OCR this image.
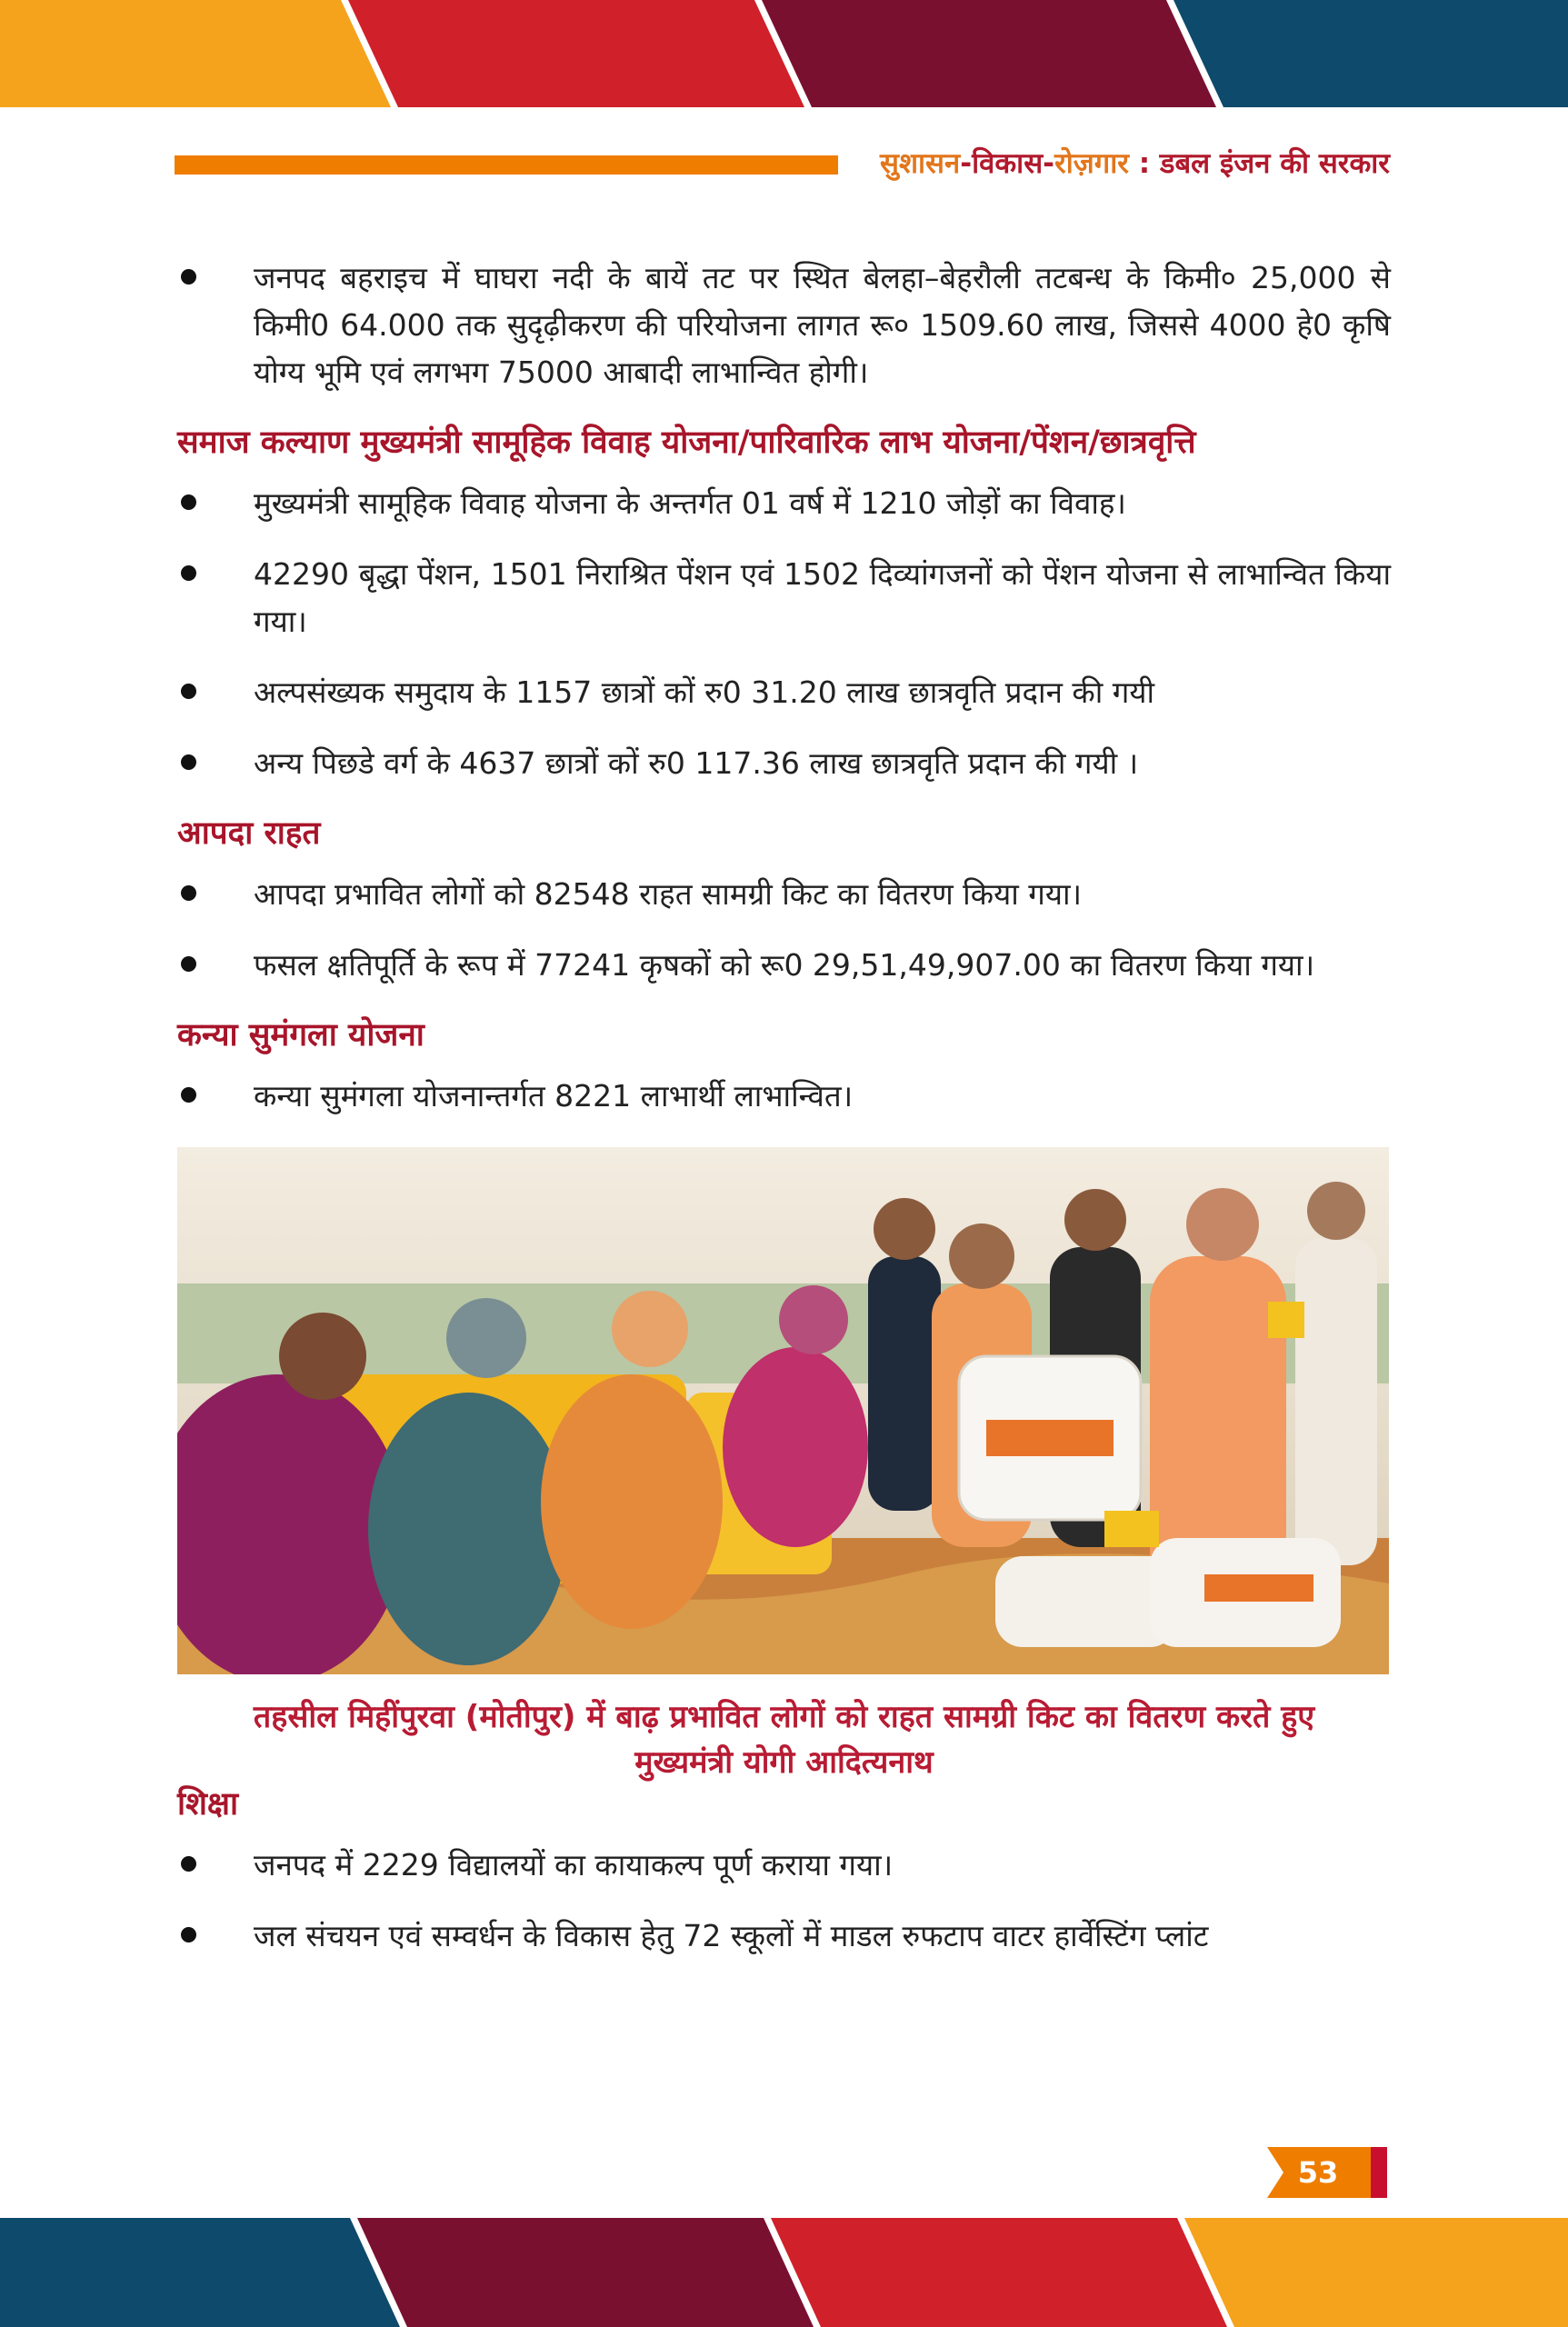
सुशासन-विकास-रोज़गार : डबल इंजन की सरकार
जनपद बहराइच में घाघरा नदी के बायें तट पर स्थित बेलहा–बेहरौली तटबन्ध के किमी० 25,000 से किमी0 64.000 तक सुदृढ़ीकरण की परियोजना लागत रू० 1509.60 लाख, जिससे 4000 हे0 कृषि योग्य भूमि एवं लगभग 75000 आबादी लाभान्वित होगी।
समाज कल्याण मुख्यमंत्री सामूहिक विवाह योजना/पारिवारिक लाभ योजना/पेंशन/छात्रवृत्ति
मुख्यमंत्री सामूहिक विवाह योजना के अन्तर्गत 01 वर्ष में 1210 जोड़ों का विवाह।
42290 बृद्धा पेंशन, 1501 निराश्रित पेंशन एवं 1502 दिव्यांगजनों को पेंशन योजना से लाभान्वित किया गया।
अल्पसंख्यक समुदाय के 1157 छात्रों कों रु0 31.20 लाख छात्रवृति प्रदान की गयी
अन्य पिछडे वर्ग के 4637 छात्रों कों रु0 117.36 लाख छात्रवृति प्रदान की गयी ।
आपदा राहत
आपदा प्रभावित लोगों को 82548 राहत सामग्री किट का वितरण किया गया।
फसल क्षतिपूर्ति के रूप में 77241 कृषकों को रू0 29,51,49,907.00 का वितरण किया गया।
कन्या सुमंगला योजना
कन्या सुमंगला योजनान्तर्गत 8221 लाभार्थी लाभान्वित।
तहसील मिहींपुरवा (मोतीपुर) में बाढ़ प्रभावित लोगों को राहत सामग्री किट का वितरण करते हुए मुख्यमंत्री योगी आदित्यनाथ
शिक्षा
जनपद में 2229 विद्यालयों का कायाकल्प पूर्ण कराया गया।
जल संचयन एवं सम्वर्धन के विकास हेतु 72 स्कूलों में माडल रुफटाप वाटर हार्वेस्टिंग प्लांट
53
